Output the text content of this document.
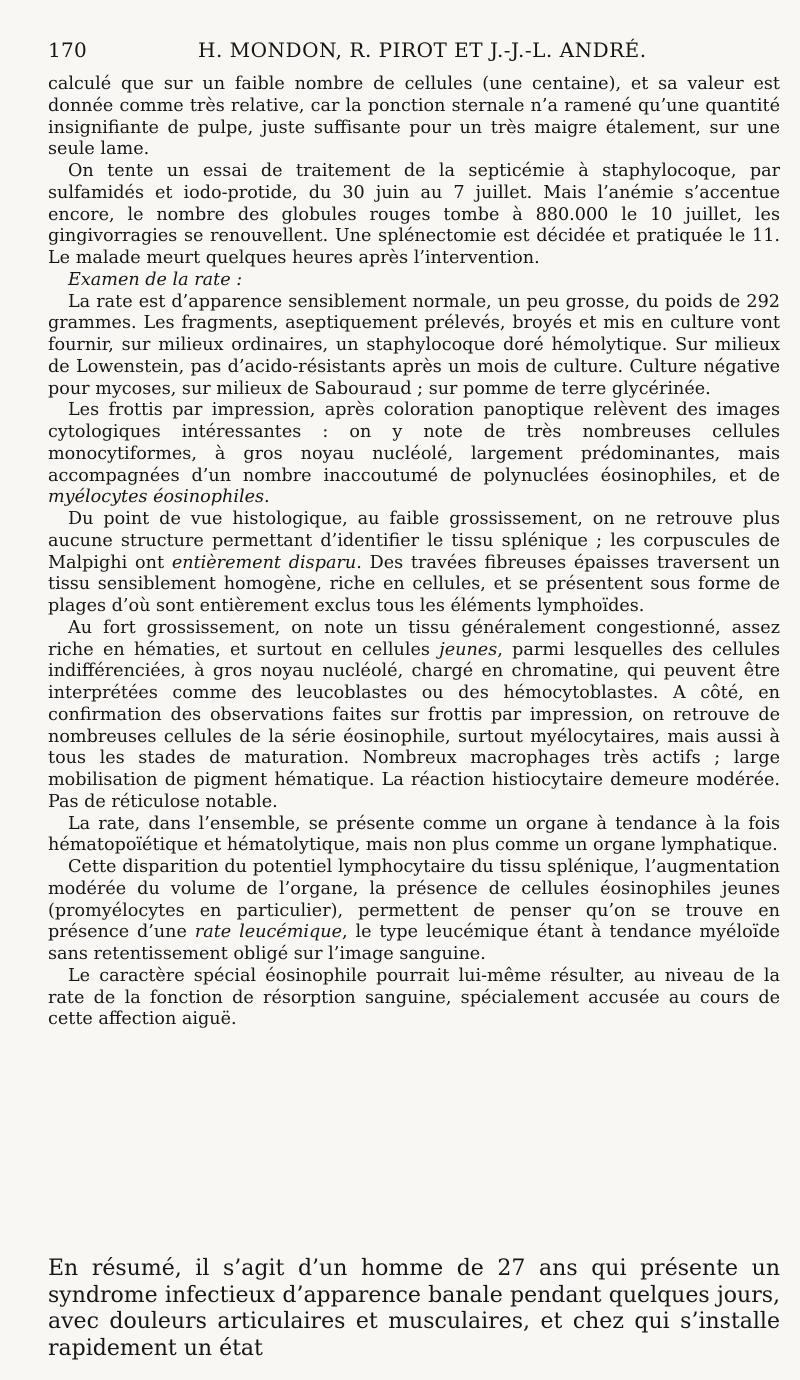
170	H. MONDON, R. PIROT ET J.-J.-L. ANDRÉ.

calculé que sur un faible nombre de cellules (une centaine), et sa valeur est donnée comme très relative, car la ponction sternale n’a ramené qu’une quantité insignifiante de pulpe, juste suffisante pour un très maigre étalement, sur une seule lame.

On tente un essai de traitement de la septicémie à staphylocoque, par sulfamidés et iodo-protide, du 30 juin au 7 juillet. Mais l’anémie s’accentue encore, le nombre des globules rouges tombe à 880.000 le 10 juillet, les gingivorragies se renouvellent. Une splénectomie est décidée et pratiquée le 11. Le malade meurt quelques heures après l’intervention.

Examen de la rate :

La rate est d’apparence sensiblement normale, un peu grosse, du poids de 292 grammes. Les fragments, aseptiquement prélevés, broyés et mis en culture vont fournir, sur milieux ordinaires, un staphylocoque doré hémolytique. Sur milieux de Lowenstein, pas d’acido-résistants après un mois de culture. Culture négative pour mycoses, sur milieux de Sabouraud ; sur pomme de terre glycérinée.

Les frottis par impression, après coloration panoptique relèvent des images cytologiques intéressantes : on y note de très nombreuses cellules monocytiformes, à gros noyau nucléolé, largement prédominantes, mais accompagnées d’un nombre inaccoutumé de polynuclées éosinophiles, et de myélocytes éosinophiles.

Du point de vue histologique, au faible grossissement, on ne retrouve plus aucune structure permettant d’identifier le tissu splénique ; les corpuscules de Malpighi ont entièrement disparu. Des travées fibreuses épaisses traversent un tissu sensiblement homogène, riche en cellules, et se présentent sous forme de plages d’où sont entièrement exclus tous les éléments lymphoïdes.

Au fort grossissement, on note un tissu généralement congestionné, assez riche en hématies, et surtout en cellules jeunes, parmi lesquelles des cellules indifférenciées, à gros noyau nucléolé, chargé en chromatine, qui peuvent être interprétées comme des leucoblastes ou des hémocytoblastes. A côté, en confirmation des observations faites sur frottis par impression, on retrouve de nombreuses cellules de la série éosinophile, surtout myélocytaires, mais aussi à tous les stades de maturation. Nombreux macrophages très actifs ; large mobilisation de pigment hématique. La réaction histiocytaire demeure modérée. Pas de réticulose notable.

La rate, dans l’ensemble, se présente comme un organe à tendance à la fois hématopoïétique et hématolytique, mais non plus comme un organe lymphatique.

Cette disparition du potentiel lymphocytaire du tissu splénique, l’augmentation modérée du volume de l’organe, la présence de cellules éosinophiles jeunes (promyélocytes en particulier), permettent de penser qu’on se trouve en présence d’une rate leucémique, le type leucémique étant à tendance myéloïde sans retentissement obligé sur l’image sanguine.

Le caractère spécial éosinophile pourrait lui-même résulter, au niveau de la rate de la fonction de résorption sanguine, spécialement accusée au cours de cette affection aiguë.

En résumé, il s’agit d’un homme de 27 ans qui présente un syndrome infectieux d’apparence banale pendant quelques jours, avec douleurs articulaires et musculaires, et chez qui s’installe rapidement un état
